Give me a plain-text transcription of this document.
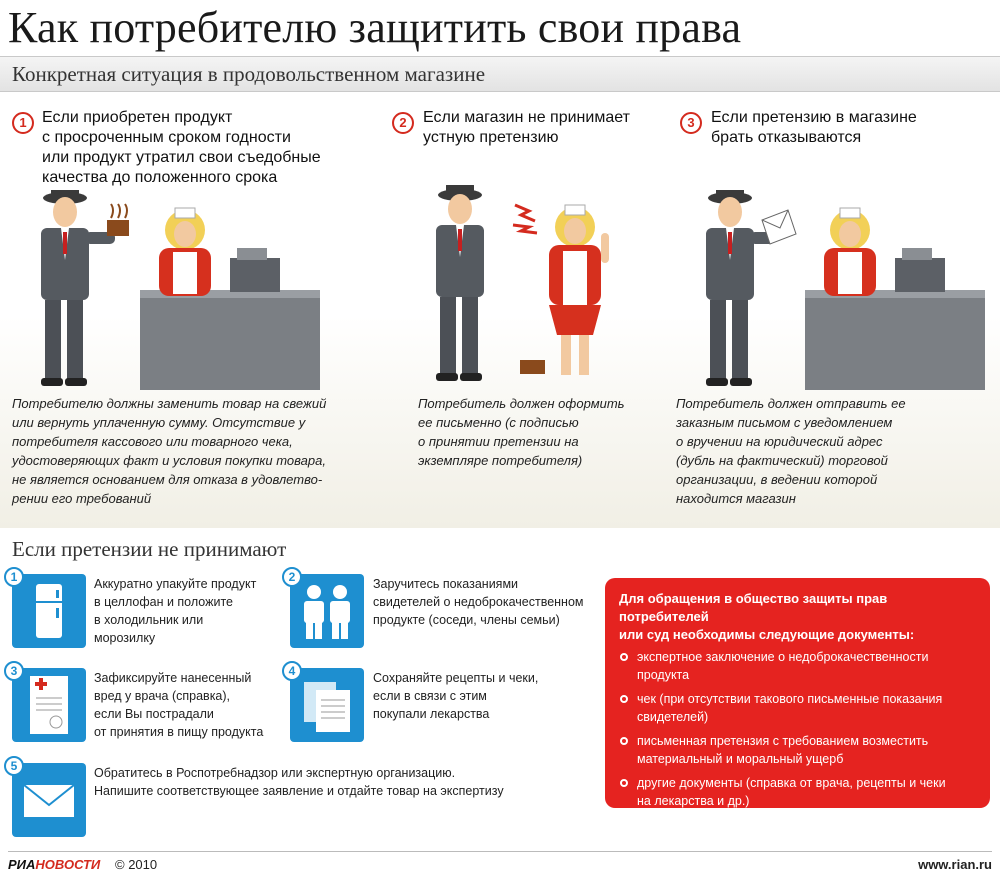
Как потребителю защитить свои права
Конкретная ситуация в продовольственном магазине
1 Если приобретен продукт
с просроченным сроком годности
или продукт утратил свои съедобные
качества до положенного срока
Потребителю должны заменить товар на свежий
или вернуть уплаченную сумму. Отсутствие у
потребителя кассового или товарного чека,
удостоверяющих факт и условия покупки товара,
не является основанием для отказа в удовлетво-
рении его требований
2	Если магазин не принимает
устную претензию
Потребитель должен оформить
ее письменно (с подписью
о принятии претензии на
экземпляре потребителя)
3	Если претензию в магазине
брать отказываются
Потребитель должен отправить ее
заказным письмом с уведомлением
о вручении на юридический адрес
(дубль на фактический) торговой
организации, в ведении которой
находится магазин
Если претензии не принимают
1	Аккуратно упакуйте продукт
в целлофан и положите
в холодильник или
морозилку
2	Заручитесь показаниями
свидетелей о недоброкачественном
продукте (соседи, члены семьи)
3	Зафиксируйте нанесенный
вред у врача (справка),
если Вы пострадали
от принятия в пищу продукта
4	Сохраняйте рецепты и чеки,
если в связи с этим
покупали лекарства
5	Обратитесь в Роспотребнадзор или экспертную организацию.
Напишите соответствующее заявление и отдайте товар на экспертизу
Для обращения в общество защиты прав потребителей
или суд необходимы следующие документы:
экспертное заключение о недоброкачественности продукта
чек (при отсутствии такового письменные показания
свидетелей)
письменная претензия с требованием возместить
материальный и моральный ущерб
другие документы (справка от врача, рецепты и чеки
на лекарства и др.)
РИАНОВОСТИ © 2010	www.rian.ru
